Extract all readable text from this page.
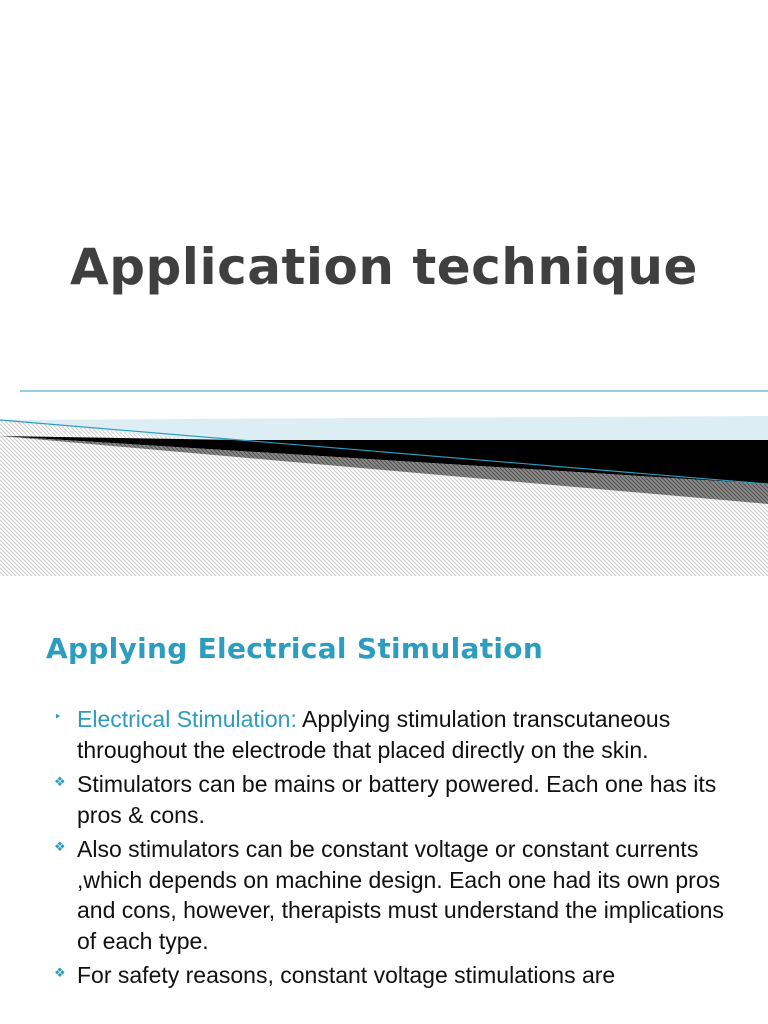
Application technique
Applying Electrical Stimulation
‣ Electrical Stimulation: Applying stimulation transcutaneous throughout the electrode that placed directly on the skin.
❖ Stimulators can be mains or battery powered. Each one has its pros & cons.
❖ Also stimulators can be constant voltage or constant currents ,which depends on machine design. Each one had its own pros and cons, however, therapists must understand the implications of each type.
❖ For safety reasons, constant voltage stimulations are
